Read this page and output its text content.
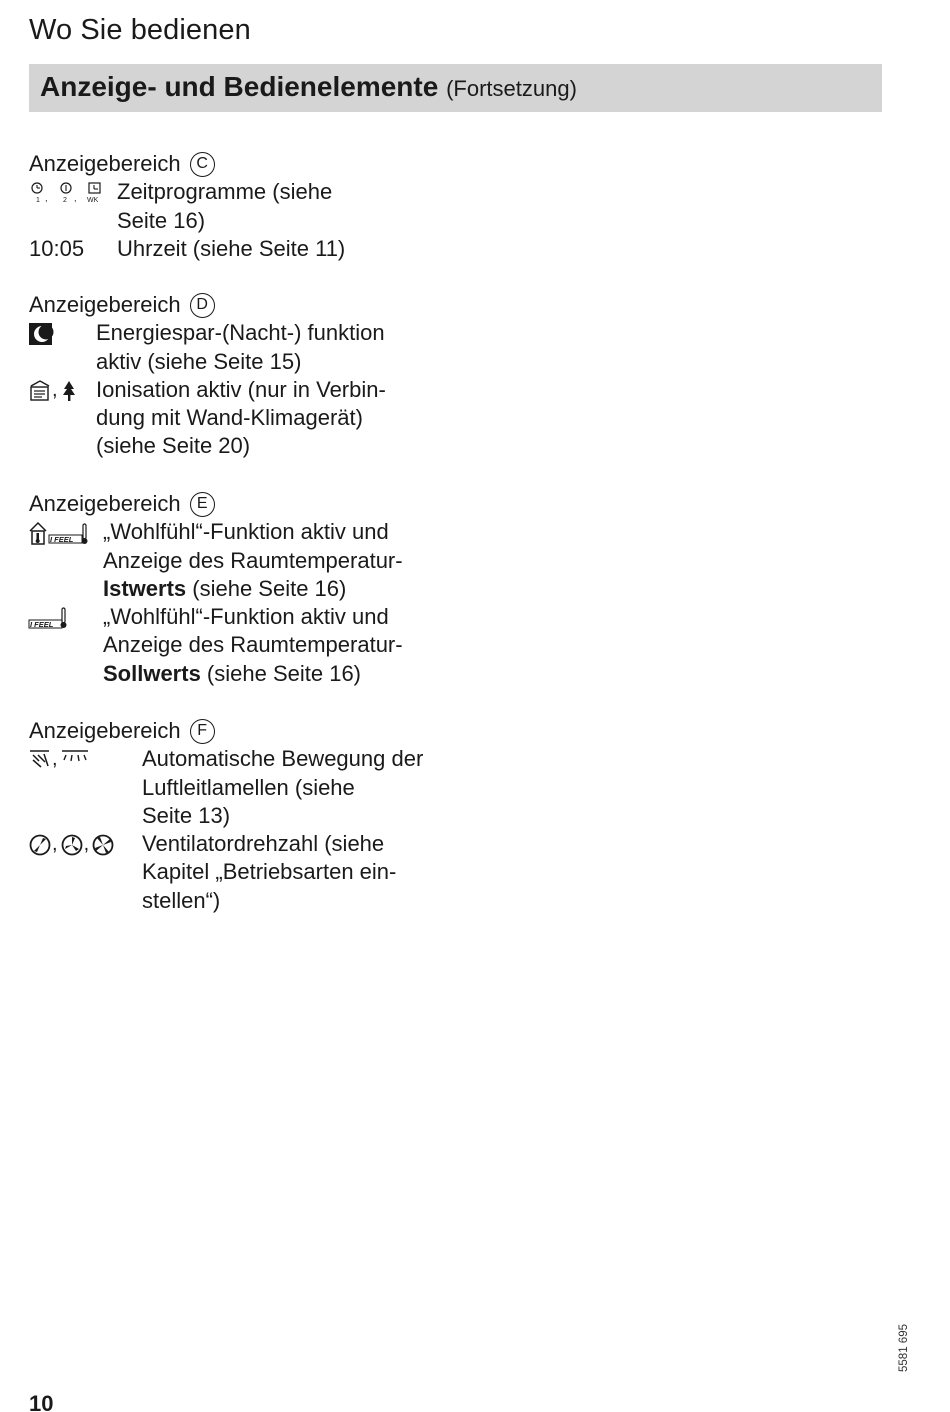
Wo Sie bedienen
Anzeige- und Bedienelemente (Fortsetzung)
Anzeigebereich C
1 , 2 , WK Zeitprogramme (siehe
Seite 16)
10:05	Uhrzeit (siehe Seite 11)
Anzeigebereich D
Energiespar-(Nacht-) funktion
aktiv (siehe Seite 15)
, Ionisation aktiv (nur in Verbin-
dung mit Wand-Klimagerät)
(siehe Seite 20)
Anzeigebereich	E
I FEEL „Wohlfühl“-Funktion aktiv und
Anzeige des Raumtemperatur-
Istwerts (siehe Seite 16)
I FEEL „Wohlfühl“-Funktion aktiv und
Anzeige des Raumtemperatur-
Sollwerts (siehe Seite 16)
Anzeigebereich	F
,	Automatische Bewegung der
Luftleitlamellen (siehe
Seite 13)
, , Ventilatordrehzahl (siehe
Kapitel „Betriebsarten ein-
stellen“)
5581 695
10
